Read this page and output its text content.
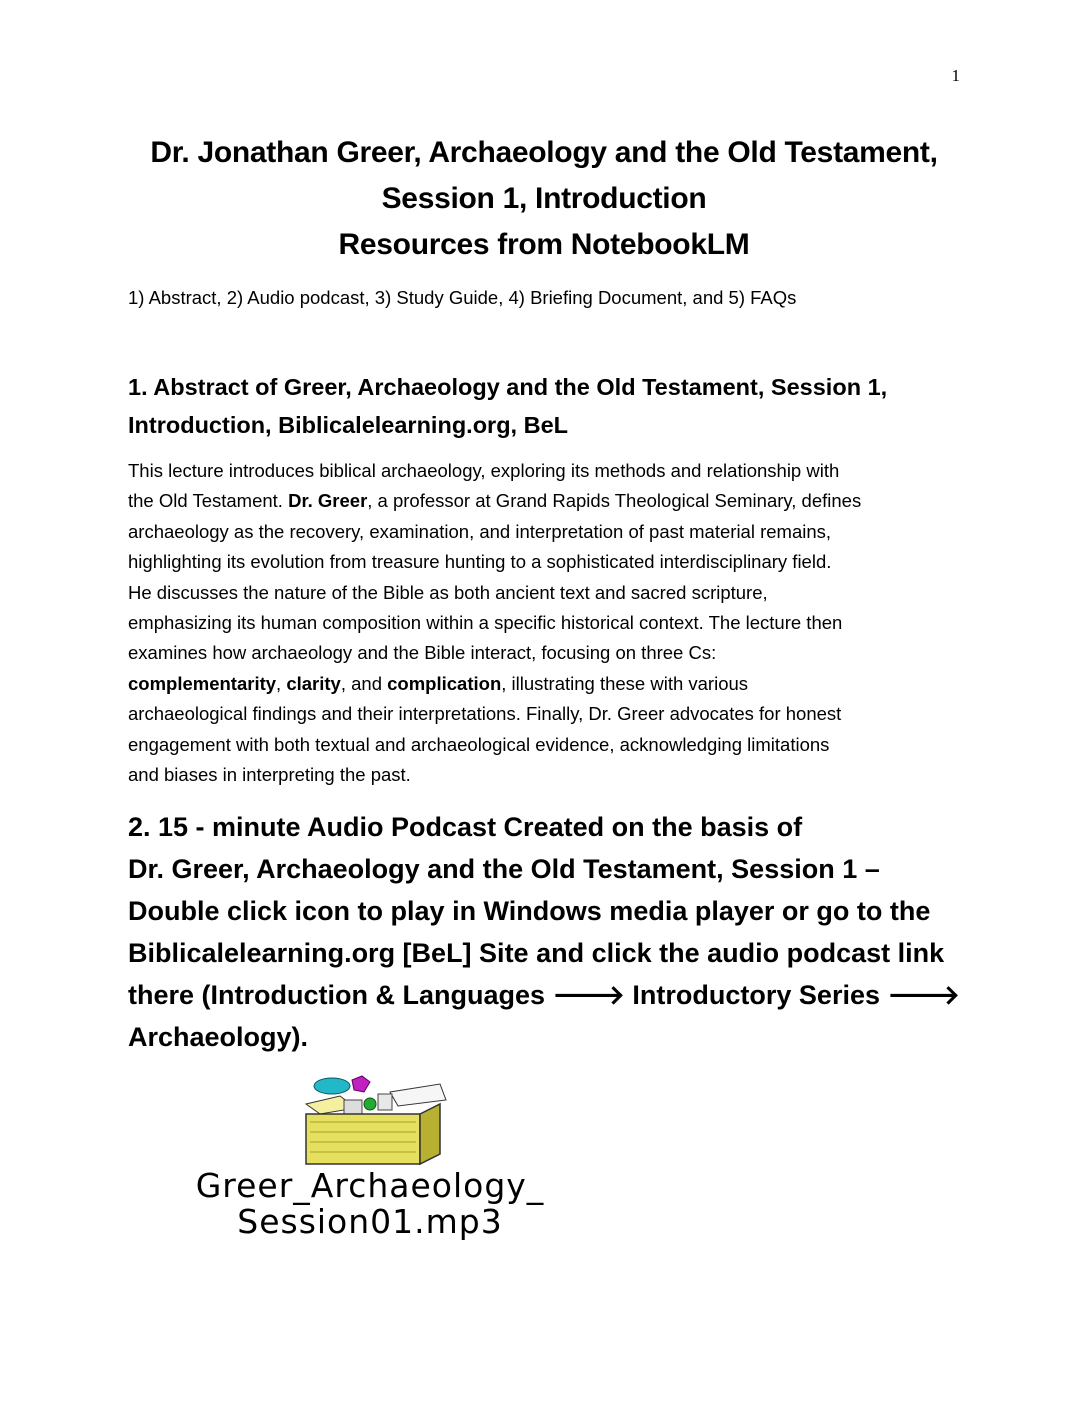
1
Dr. Jonathan Greer, Archaeology and the Old Testament,
Session 1, Introduction
Resources from NotebookLM
1) Abstract, 2) Audio podcast, 3) Study Guide, 4) Briefing Document, and 5) FAQs
1. Abstract of Greer, Archaeology and the Old Testament, Session 1,
Introduction, Biblicalelearning.org, BeL
This lecture introduces biblical archaeology, exploring its methods and relationship with
the Old Testament. Dr. Greer, a professor at Grand Rapids Theological Seminary, defines
archaeology as the recovery, examination, and interpretation of past material remains,
highlighting its evolution from treasure hunting to a sophisticated interdisciplinary field.
He discusses the nature of the Bible as both ancient text and sacred scripture,
emphasizing its human composition within a specific historical context. The lecture then
examines how archaeology and the Bible interact, focusing on three Cs:
complementarity, clarity, and complication, illustrating these with various
archaeological findings and their interpretations. Finally, Dr. Greer advocates for honest
engagement with both textual and archaeological evidence, acknowledging limitations
and biases in interpreting the past.
2. 15 - minute Audio Podcast Created on the basis of
Dr. Greer, Archaeology and the Old Testament, Session 1 –
Double click icon to play in Windows media player or go to the
Biblicalelearning.org [BeL] Site and click the audio podcast link
there (Introduction & Languages 🡒 Introductory Series 🡒
Archaeology).
Greer_Archaeology_
Session01.mp3
